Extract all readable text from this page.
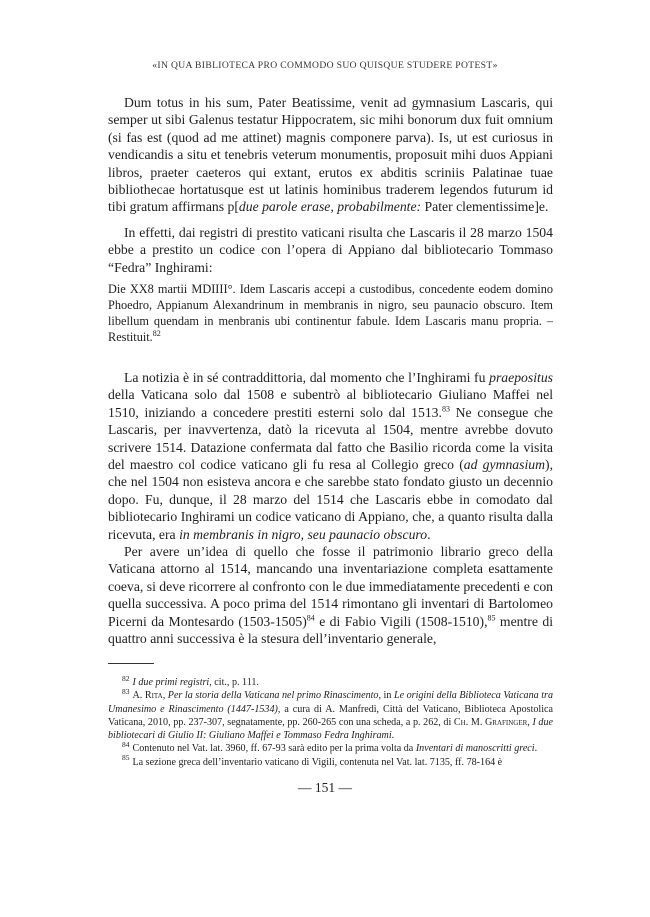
«IN QUA BIBLIOTECA PRO COMMODO SUO QUISQUE STUDERE POTEST»

Dum totus in his sum, Pater Beatissime, venit ad gymnasium Lascaris, qui semper ut sibi Galenus testatur Hippocratem, sic mihi bonorum dux fuit omnium (si fas est (quod ad me attinet) magnis componere parva). Is, ut est curiosus in vendicandis a situ et tenebris veterum monumentis, proposuit mihi duos Appiani libros, praeter caeteros qui extant, erutos ex abditis scriniis Palatinae tuae bibliothecae hortatusque est ut latinis hominibus traderem legendos futurum id tibi gratum affirmans p[due parole erase, probabilmente: Pater clementissime]e.

In effetti, dai registri di prestito vaticani risulta che Lascaris il 28 marzo 1504 ebbe a prestito un codice con l’opera di Appiano dal bibliotecario Tommaso “Fedra” Inghirami:

Die XX8 martii MDIIII°. Idem Lascaris accepi a custodibus, concedente eodem domino Phoedro, Appianum Alexandrinum in membranis in nigro, seu paunacio obscuro. Item libellum quendam in menbranis ubi continentur fabule. Idem Lascaris manu propria. – Restituit.$^{82}$

La notizia è in sé contraddittoria, dal momento che l’Inghirami fu praepositus della Vaticana solo dal 1508 e subentrò al bibliotecario Giuliano Maffei nel 1510, iniziando a concedere prestiti esterni solo dal 1513.83 Ne consegue che Lascaris, per inavvertenza, datò la ricevuta al 1504, mentre avrebbe dovuto scrivere 1514. Datazione confermata dal fatto che Basilio ricorda come la visita del maestro col codice vaticano gli fu resa al Collegio greco (ad gymnasium), che nel 1504 non esisteva ancora e che sarebbe stato fondato giusto un decennio dopo. Fu, dunque, il 28 marzo del 1514 che Lascaris ebbe in comodato dal bibliotecario Inghirami un codice vaticano di Appiano, che, a quanto risulta dalla ricevuta, era in membranis in nigro, seu paunacio obscuro.

Per avere un’idea di quello che fosse il patrimonio librario greco della Vaticana attorno al 1514, mancando una inventariazione completa esattamente coeva, si deve ricorrere al confronto con le due immediatamente precedenti e con quella successiva. A poco prima del 1514 rimontano gli inventari di Bartolomeo Picerni da Montesardo (1503-1505)$^{84}$ e di Fabio Vigili (1508-1510),$^{85}$ mentre di quattro anni successiva è la stesura dell’inventario generale,

$^{82}$ I due primi registri, cit., p. 111.

$^{83}$ A. Rita, Per la storia della Vaticana nel primo Rinascimento, in Le origini della Biblioteca Vaticana tra Umanesimo e Rinascimento (1447-1534), a cura di A. Manfredi, Città del Vaticano, Biblioteca Apostolica Vaticana, 2010, pp. 237-307, segnatamente, pp. 260-265 con una scheda, a p. 262, di Ch. M. Grafinger, I due bibliotecari di Giulio II: Giuliano Maffei e Tommaso Fedra Inghirami.

$^{84}$ Contenuto nel Vat. lat. 3960, ff. 67-93 sarà edito per la prima volta da Inventari di manoscritti greci.

$^{85}$ La sezione greca dell’inventario vaticano di Vigili, contenuta nel Vat. lat. 7135, ff. 78-164 è

— 151 —
